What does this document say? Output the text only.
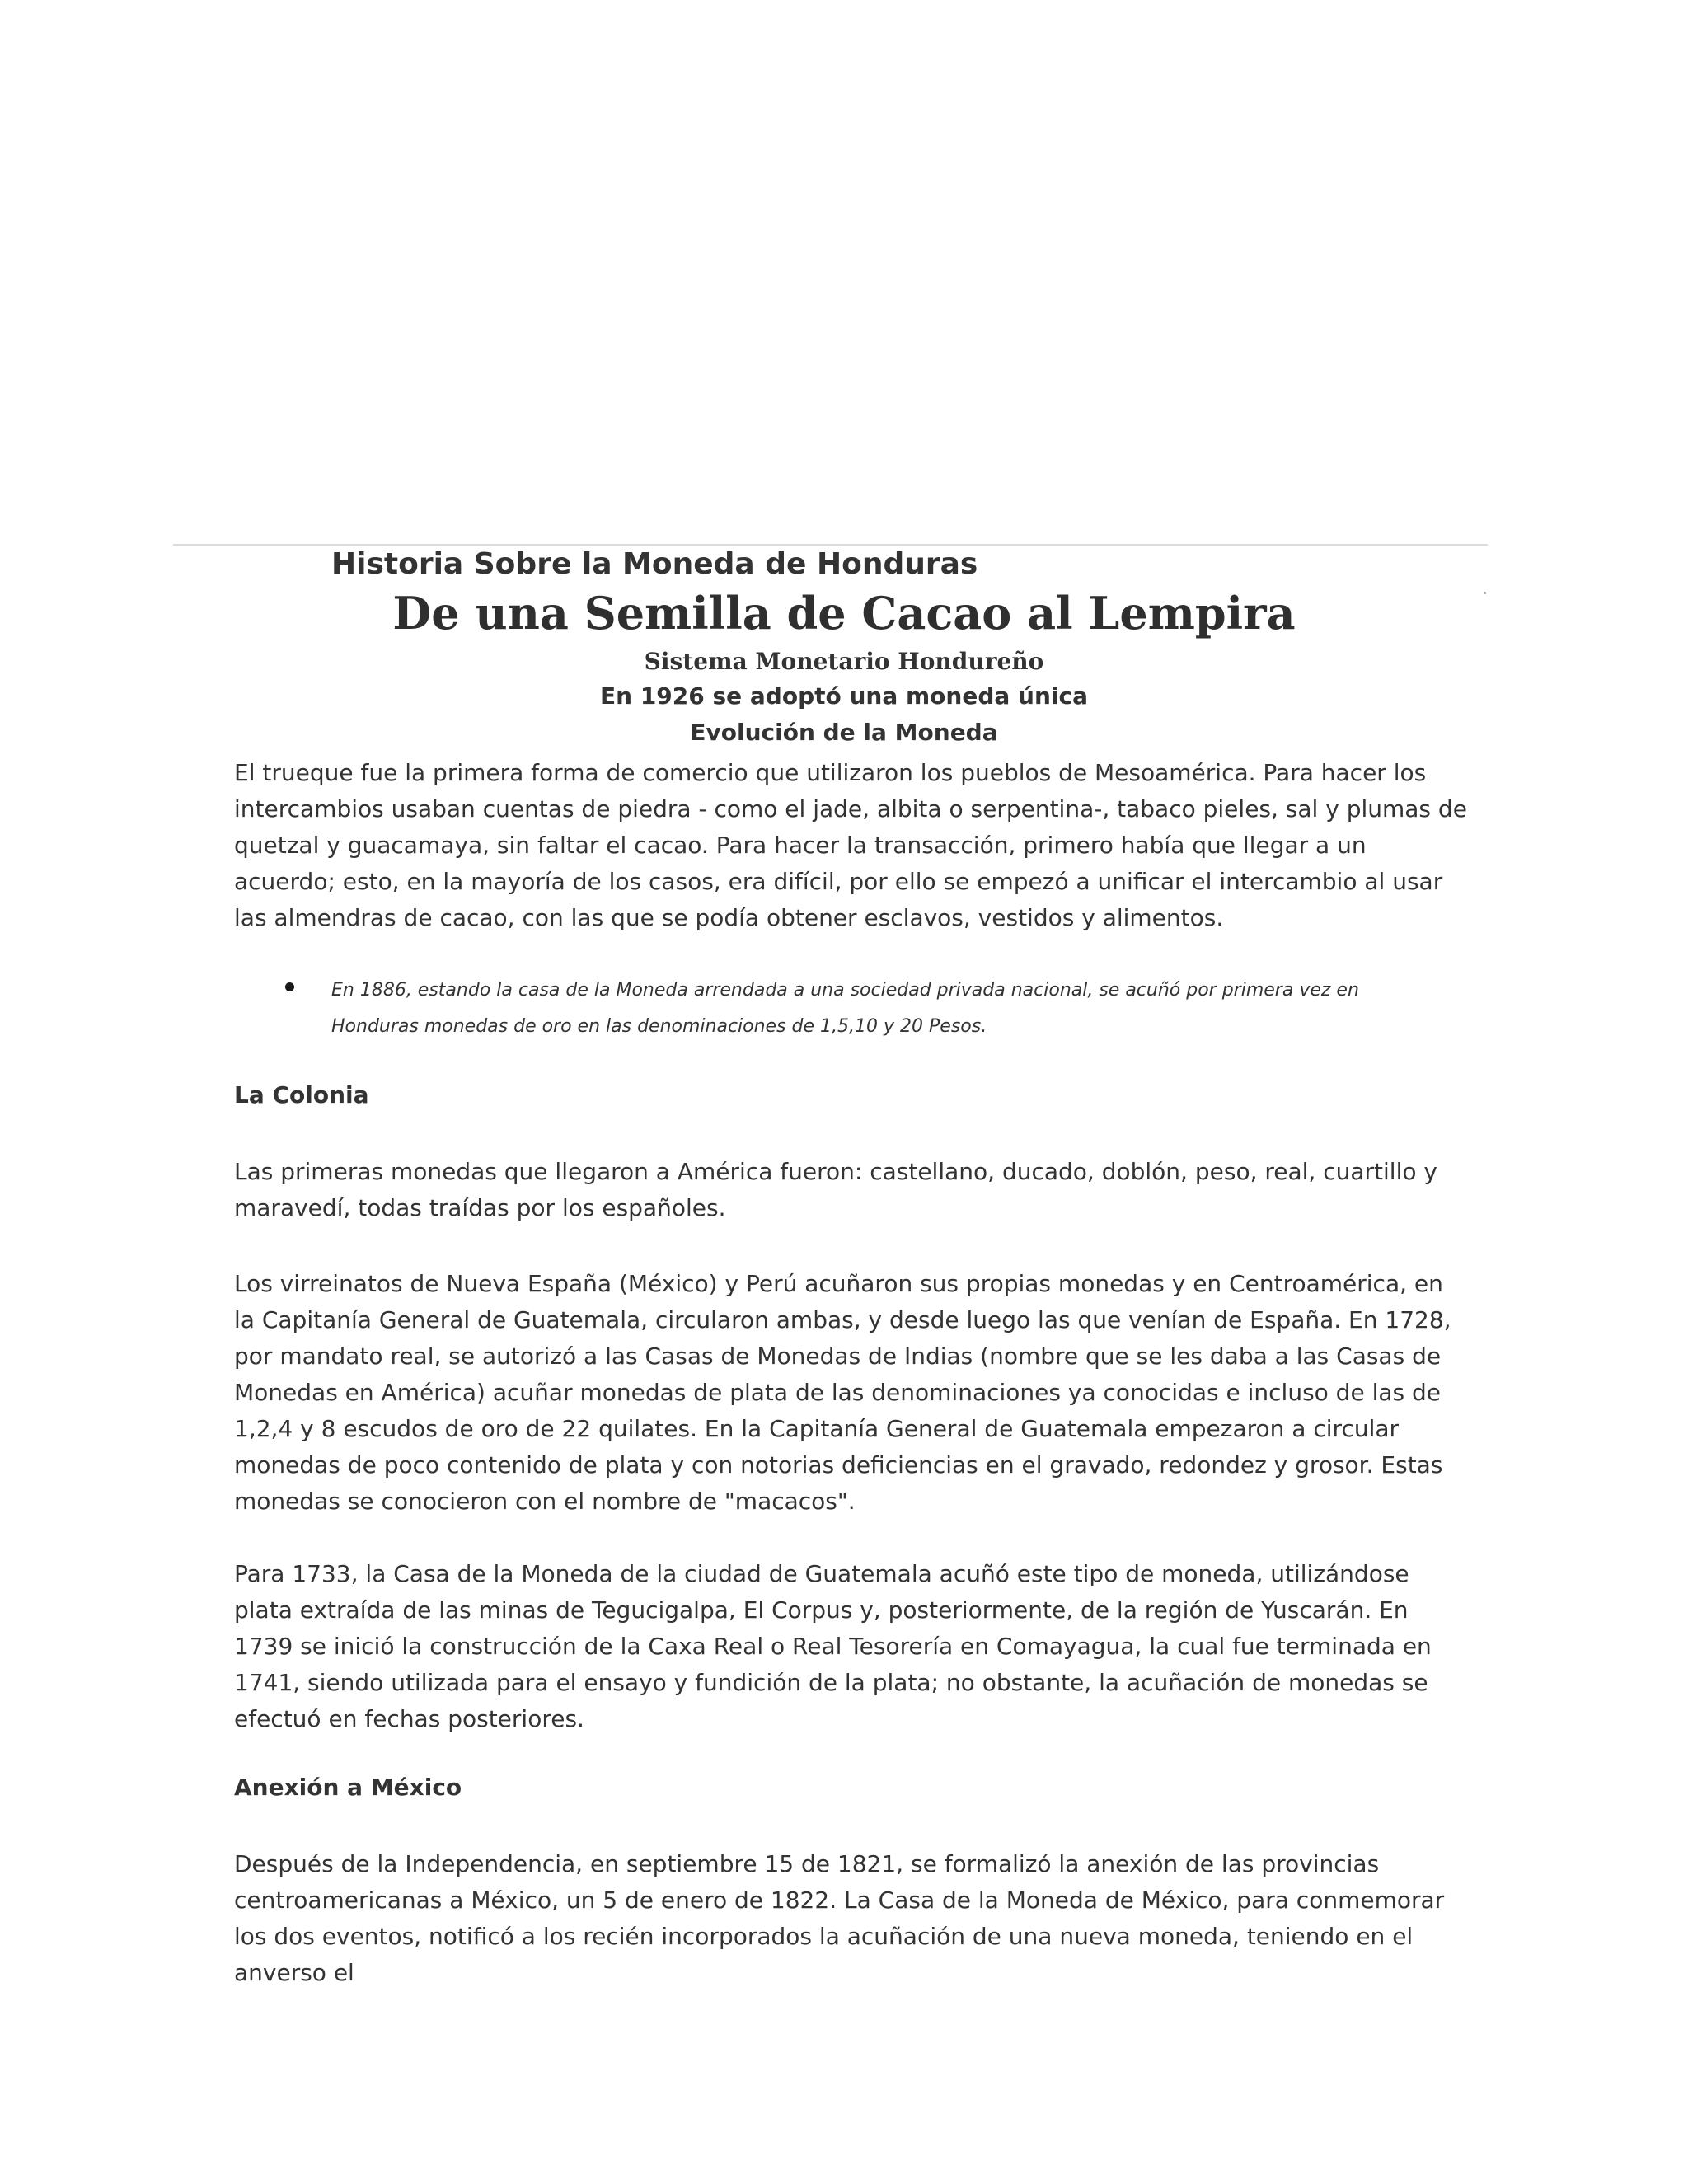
Historia Sobre la Moneda de Honduras
De una Semilla de Cacao al Lempira
Sistema Monetario Hondureño
En 1926 se adoptó una moneda única
Evolución de la Moneda
El trueque fue la primera forma de comercio que utilizaron los pueblos de Mesoamérica. Para hacer los intercambios usaban cuentas de piedra - como el jade, albita o serpentina-, tabaco pieles, sal y plumas de quetzal y guacamaya, sin faltar el cacao. Para hacer la transacción, primero había que llegar a un acuerdo; esto, en la mayoría de los casos, era difícil, por ello se empezó a unificar el intercambio al usar las almendras de cacao, con las que se podía obtener esclavos, vestidos y alimentos.
En 1886, estando la casa de la Moneda arrendada a una sociedad privada nacional, se acuñó por primera vez en Honduras monedas de oro en las denominaciones de 1,5,10 y 20 Pesos.
La Colonia
Las primeras monedas que llegaron a América fueron: castellano, ducado, doblón, peso, real, cuartillo y maravedí, todas traídas por los españoles.
Los virreinatos de Nueva España (México) y Perú acuñaron sus propias monedas y en Centroamérica, en la Capitanía General de Guatemala, circularon ambas, y desde luego las que venían de España. En 1728, por mandato real, se autorizó a las Casas de Monedas de Indias (nombre que se les daba a las Casas de Monedas en América) acuñar monedas de plata de las denominaciones ya conocidas e incluso de las de 1,2,4 y 8 escudos de oro de 22 quilates. En la Capitanía General de Guatemala empezaron a circular monedas de poco contenido de plata y con notorias deficiencias en el gravado, redondez y grosor. Estas monedas se conocieron con el nombre de "macacos".
Para 1733, la Casa de la Moneda de la ciudad de Guatemala acuñó este tipo de moneda, utilizándose plata extraída de las minas de Tegucigalpa, El Corpus y, posteriormente, de la región de Yuscarán. En 1739 se inició la construcción de la Caxa Real o Real Tesorería en Comayagua, la cual fue terminada en 1741, siendo utilizada para el ensayo y fundición de la plata; no obstante, la acuñación de monedas se efectuó en fechas posteriores.
Anexión a México
Después de la Independencia, en septiembre 15 de 1821, se formalizó la anexión de las provincias centroamericanas a México, un 5 de enero de 1822. La Casa de la Moneda de México, para conmemorar los dos eventos, notificó a los recién incorporados la acuñación de una nueva moneda, teniendo en el anverso el
